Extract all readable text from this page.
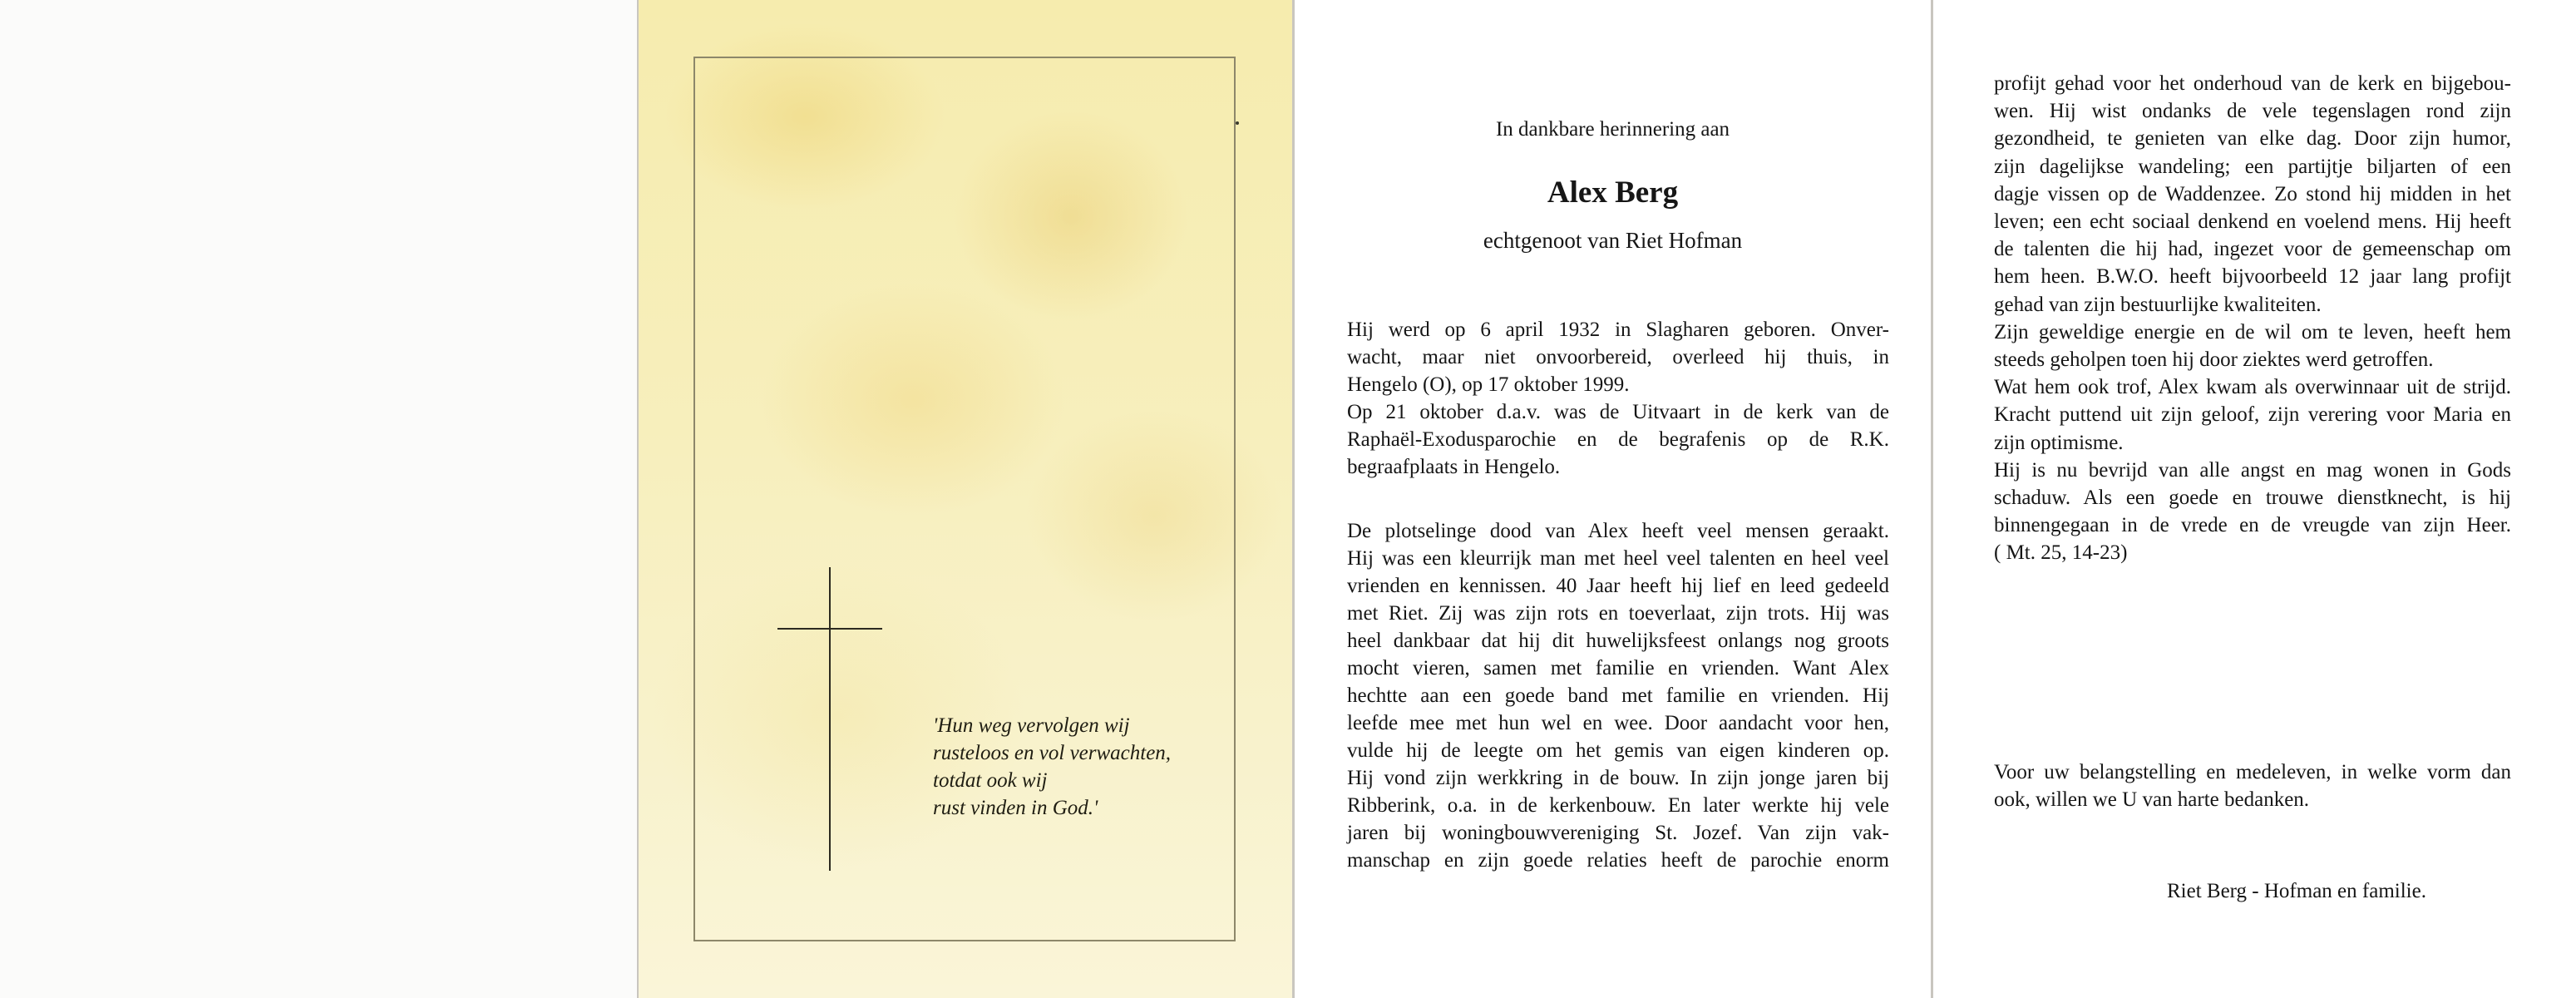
'Hun weg vervolgen wij
rusteloos en vol verwachten,
totdat ook wij
rust vinden in God.'
In dankbare herinnering aan
Alex Berg
echtgenoot van Riet Hofman
Hij werd op 6 april 1932 in Slagharen geboren. Onver-
wacht, maar niet onvoorbereid, overleed hij thuis, in
Hengelo (O), op 17 oktober 1999.
Op 21 oktober d.a.v. was de Uitvaart in de kerk van de
Raphaël-Exodusparochie en de begrafenis op de R.K.
begraafplaats in Hengelo.
De plotselinge dood van Alex heeft veel mensen geraakt.
Hij was een kleurrijk man met heel veel talenten en heel veel
vrienden en kennissen. 40 Jaar heeft hij lief en leed gedeeld
met Riet. Zij was zijn rots en toeverlaat, zijn trots. Hij was
heel dankbaar dat hij dit huwelijksfeest onlangs nog groots
mocht vieren, samen met familie en vrienden. Want Alex
hechtte aan een goede band met familie en vrienden. Hij
leefde mee met hun wel en wee. Door aandacht voor hen,
vulde hij de leegte om het gemis van eigen kinderen op.
Hij vond zijn werkkring in de bouw. In zijn jonge jaren bij
Ribberink, o.a. in de kerkenbouw. En later werkte hij vele
jaren bij woningbouwvereniging St. Jozef. Van zijn vak-
manschap en zijn goede relaties heeft de parochie enorm
profijt gehad voor het onderhoud van de kerk en bijgebou-
wen. Hij wist ondanks de vele tegenslagen rond zijn
gezondheid, te genieten van elke dag. Door zijn humor,
zijn dagelijkse wandeling; een partijtje biljarten of een
dagje vissen op de Waddenzee. Zo stond hij midden in het
leven; een echt sociaal denkend en voelend mens. Hij heeft
de talenten die hij had, ingezet voor de gemeenschap om
hem heen. B.W.O. heeft bijvoorbeeld 12 jaar lang profijt
gehad van zijn bestuurlijke kwaliteiten.
Zijn geweldige energie en de wil om te leven, heeft hem
steeds geholpen toen hij door ziektes werd getroffen.
Wat hem ook trof, Alex kwam als overwinnaar uit de strijd.
Kracht puttend uit zijn geloof, zijn verering voor Maria en
zijn optimisme.
Hij is nu bevrijd van alle angst en mag wonen in Gods
schaduw. Als een goede en trouwe dienstknecht, is hij
binnengegaan in de vrede en de vreugde van zijn Heer.
( Mt. 25, 14-23)
Voor uw belangstelling en medeleven, in welke vorm dan
ook, willen we U van harte bedanken.
Riet Berg - Hofman en familie.
